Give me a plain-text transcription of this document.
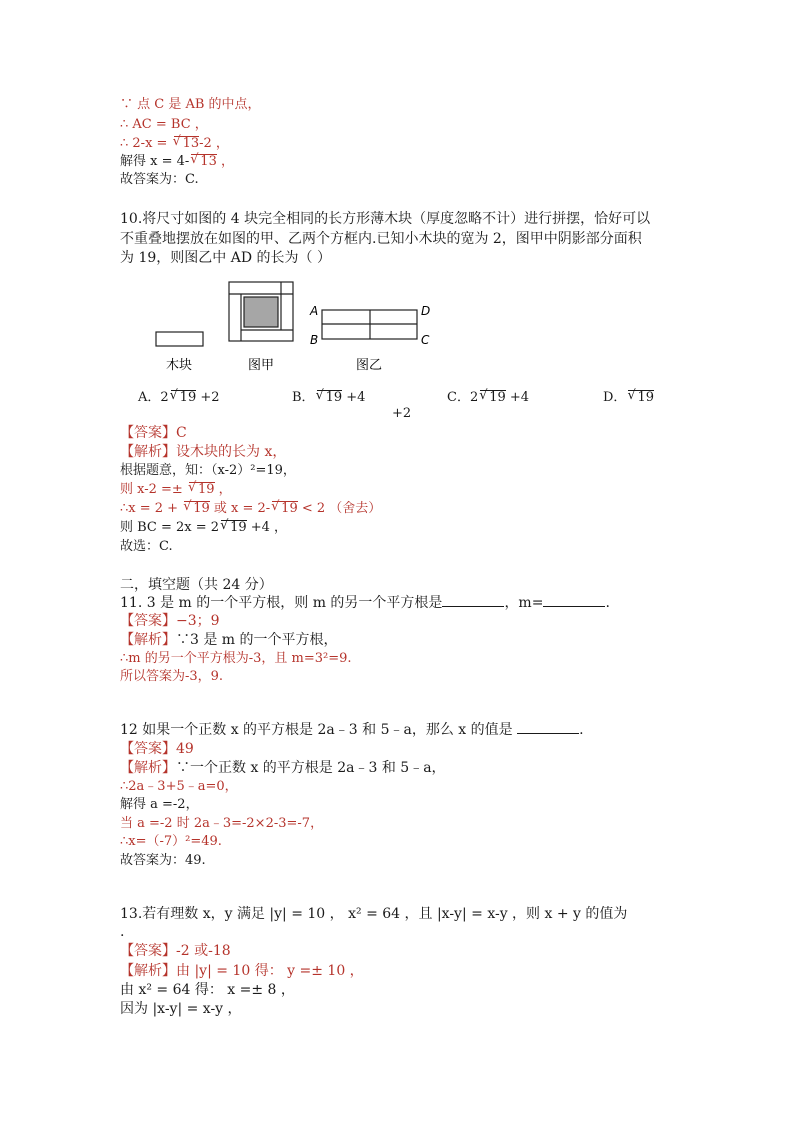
∵ 点 C 是 AB 的中点，
∴ AC = BC ，
∴ 2-x = √ 13-2 ，
解得 x = 4- √ 13 ，
故答案为：C.
10.将尺寸如图的 4 块完全相同的长方形薄木块（厚度忽略不计）进行拼摆，恰好可以
不重叠地摆放在如图的甲、乙两个方框内.已知小木块的宽为 2，图甲中阴影部分面积
为 19，则图乙中 AD 的长为（ ）
木块	图甲
A
B
D
C
图乙
A．2 √ 19 +2	B． √ 19 +4	C．2 √ 19 +4	D． √ 19
+2
【答案】C
【解析】设木块的长为 x，
根据题意，知：（x-2）²=19，
则 x-2 =± √ 19 ，
∴x = 2 + √ 19 或 x = 2- √ 19 < 2 （舍去）
则 BC = 2x = 2 √ 19 +4 ，
故选：C.
二，填空题（共 24 分）
11. 3 是 m 的一个平方根，则 m 的另一个平方根是	，m=	.
【答案】−3；9
【解析】∵3 是 m 的一个平方根，
∴m 的另一个平方根为-3，且 m=3²=9.
所以答案为-3，9.
12 如果一个正数 x 的平方根是 2a﹣3 和 5﹣a，那么 x 的值是	.
【答案】49
【解析】∵一个正数 x 的平方根是 2a﹣3 和 5﹣a，
∴2a﹣3+5﹣a=0，
解得 a =-2，
当 a =-2 时 2a﹣3=-2×2-3=-7，
∴x=（-7）²=49.
故答案为：49.
13.若有理数 x，y 满足 |y| = 10 ， x² = 64 ，且 |x-y| = x-y ，则 x + y 的值为
.
【答案】-2 或-18
【解析】由 |y| = 10 得： y =± 10 ，
由 x² = 64 得： x =± 8 ，
因为 |x-y| = x-y ，
